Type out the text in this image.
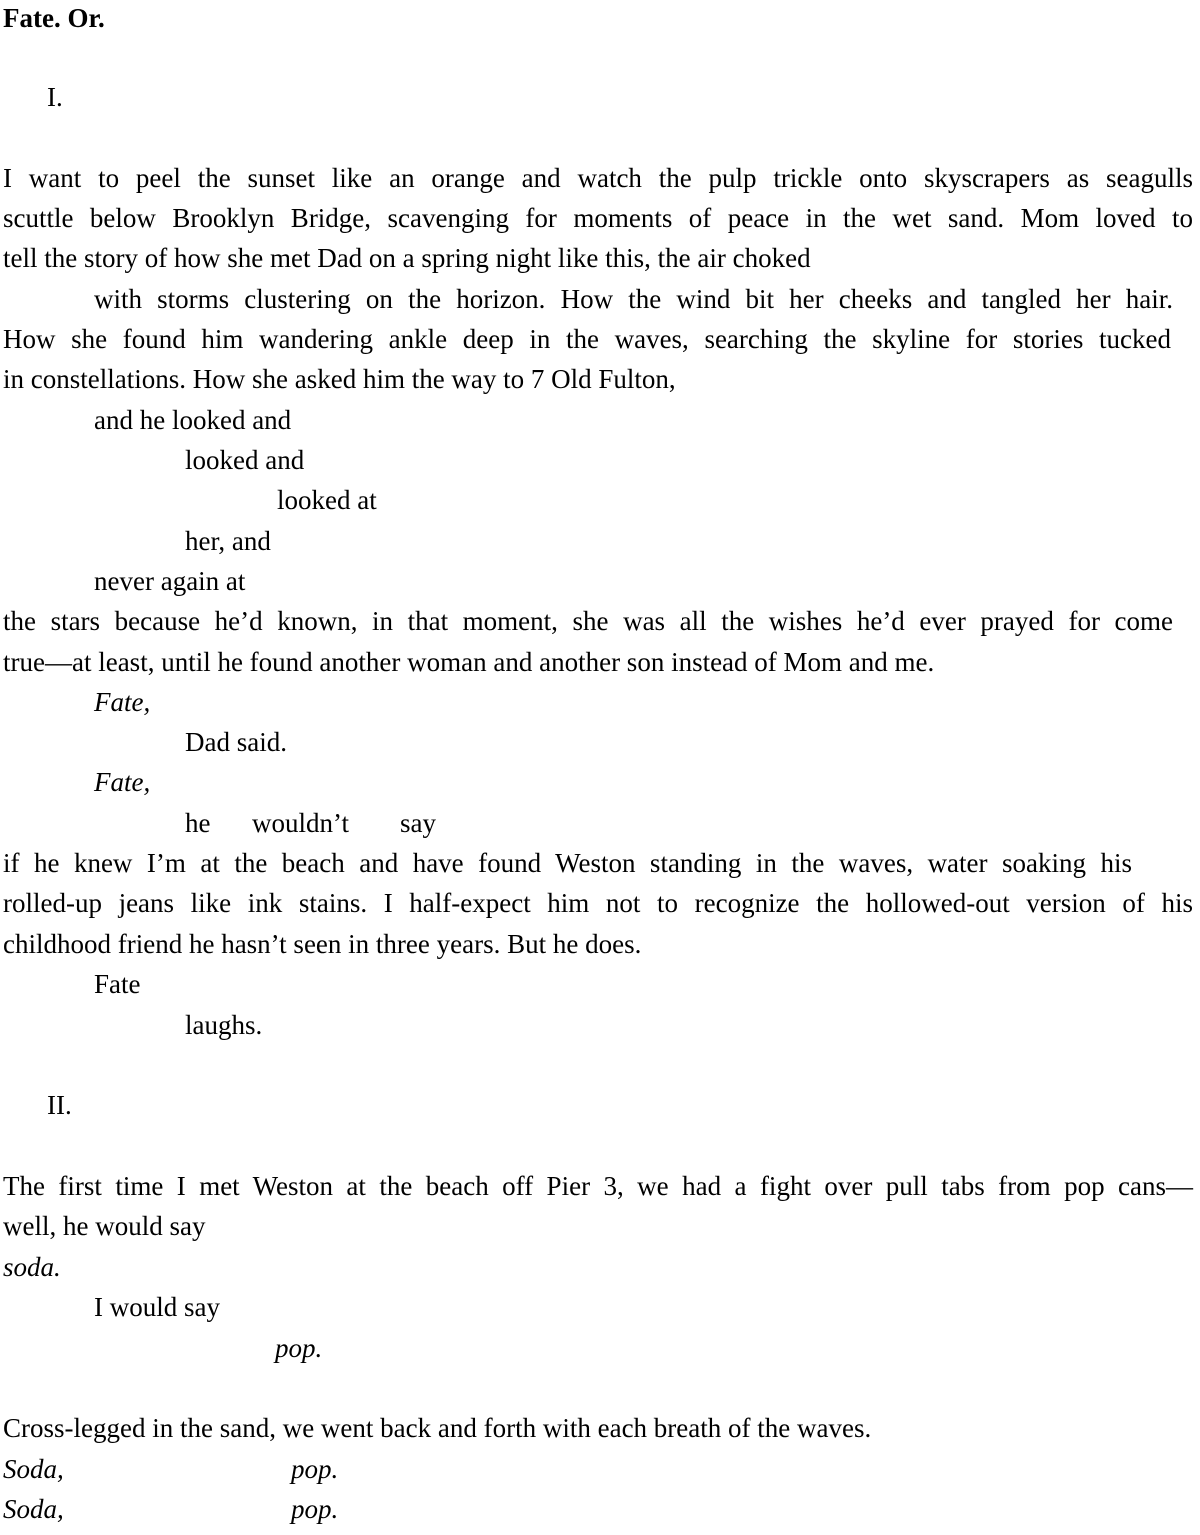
Fate. Or.
I.
I want to peel the sunset like an orange and watch the pulp trickle onto skyscrapers as seagulls
scuttle below Brooklyn Bridge, scavenging for moments of peace in the wet sand. Mom loved to
tell the story of how she met Dad on a spring night like this, the air choked
with storms clustering on the horizon. How the wind bit her cheeks and tangled her hair.
How she found him wandering ankle deep in the waves, searching the skyline for stories tucked
in constellations. How she asked him the way to 7 Old Fulton,
and he looked and
looked and
looked at
her, and
never again at
the stars because he’d known, in that moment, she was all the wishes he’d ever prayed for come
true—at least, until he found another woman and another son instead of Mom and me.
Fate,
Dad said.
Fate,
he wouldn’t say
if he knew I’m at the beach and have found Weston standing in the waves, water soaking his
rolled-up jeans like ink stains. I half-expect him not to recognize the hollowed-out version of his
childhood friend he hasn’t seen in three years. But he does.
Fate
laughs.
II.
The first time I met Weston at the beach off Pier 3, we had a fight over pull tabs from pop cans—
well, he would say
soda.
I would say
pop.
Cross-legged in the sand, we went back and forth with each breath of the waves.
Soda,	pop.
Soda,	pop.
